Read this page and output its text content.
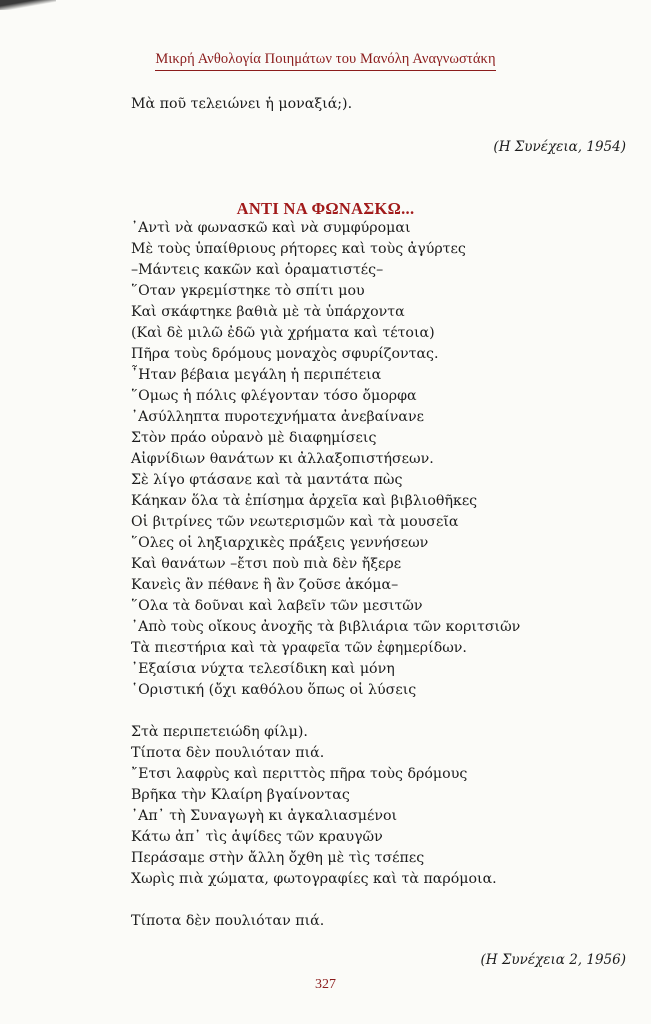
Μικρή Ανθολογία Ποιημάτων του Μανόλη Αναγνωστάκη
Μὰ ποῦ τελειώνει ἡ μοναξιά;).
(Η Συνέχεια, 1954)
ΑΝΤΙ ΝΑ ΦΩΝΑΣΚΩ...
᾿Αντὶ νὰ φωνασκῶ καὶ νὰ συμφύρομαι
Μὲ τοὺς ὑπαίθριους ρήτορες καὶ τοὺς ἀγύρτες
–Μάντεις κακῶν καὶ ὁραματιστές–
῞Οταν γκρεμίστηκε τὸ σπίτι μου
Καὶ σκάφτηκε βαθιὰ μὲ τὰ ὑπάρχοντα
(Καὶ δὲ μιλῶ ἐδῶ γιὰ χρήματα καὶ τέτοια)
Πῆρα τοὺς δρόμους μοναχὸς σφυρίζοντας.
῏Ηταν βέβαια μεγάλη ἡ περιπέτεια
῞Ομως ἡ πόλις φλέγονταν τόσο ὄμορφα
᾿Ασύλληπτα πυροτεχνήματα ἀνεβαίνανε
Στὸν πράο οὐρανὸ μὲ διαφημίσεις
Αἰφνίδιων θανάτων κι ἀλλαξοπιστήσεων.
Σὲ λίγο φτάσανε καὶ τὰ μαντάτα πὼς
Κάηκαν ὅλα τὰ ἐπίσημα ἀρχεῖα καὶ βιβλιοθῆκες
Οἱ βιτρίνες τῶν νεωτερισμῶν καὶ τὰ μουσεῖα
῞Ολες οἱ ληξιαρχικὲς πράξεις γεννήσεων
Καὶ θανάτων –ἔτσι ποὺ πιὰ δὲν ἤξερε
Κανεὶς ἂν πέθανε ἢ ἂν ζοῦσε ἀκόμα–
῞Ολα τὰ δοῦναι καὶ λαβεῖν τῶν μεσιτῶν
᾿Απὸ τοὺς οἴκους ἀνοχῆς τὰ βιβλιάρια τῶν κοριτσιῶν
Τὰ πιεστήρια καὶ τὰ γραφεῖα τῶν ἐφημερίδων.
᾿Εξαίσια νύχτα τελεσίδικη καὶ μόνη
῾Οριστική (ὄχι καθόλου ὅπως οἱ λύσεις
Στὰ περιπετειώδη φίλμ).
Τίποτα δὲν πουλιόταν πιά.
῎Ετσι λαφρὺς καὶ περιττὸς πῆρα τοὺς δρόμους
Βρῆκα τὴν Κλαίρη βγαίνοντας
᾿Απ᾿ τὴ Συναγωγὴ κι ἀγκαλιασμένοι
Κάτω ἀπ᾿ τὶς ἁψίδες τῶν κραυγῶν
Περάσαμε στὴν ἄλλη ὄχθη μὲ τὶς τσέπες
Χωρὶς πιὰ χώματα, φωτογραφίες καὶ τὰ παρόμοια.
Τίποτα δὲν πουλιόταν πιά.
(Η Συνέχεια 2, 1956)
327
